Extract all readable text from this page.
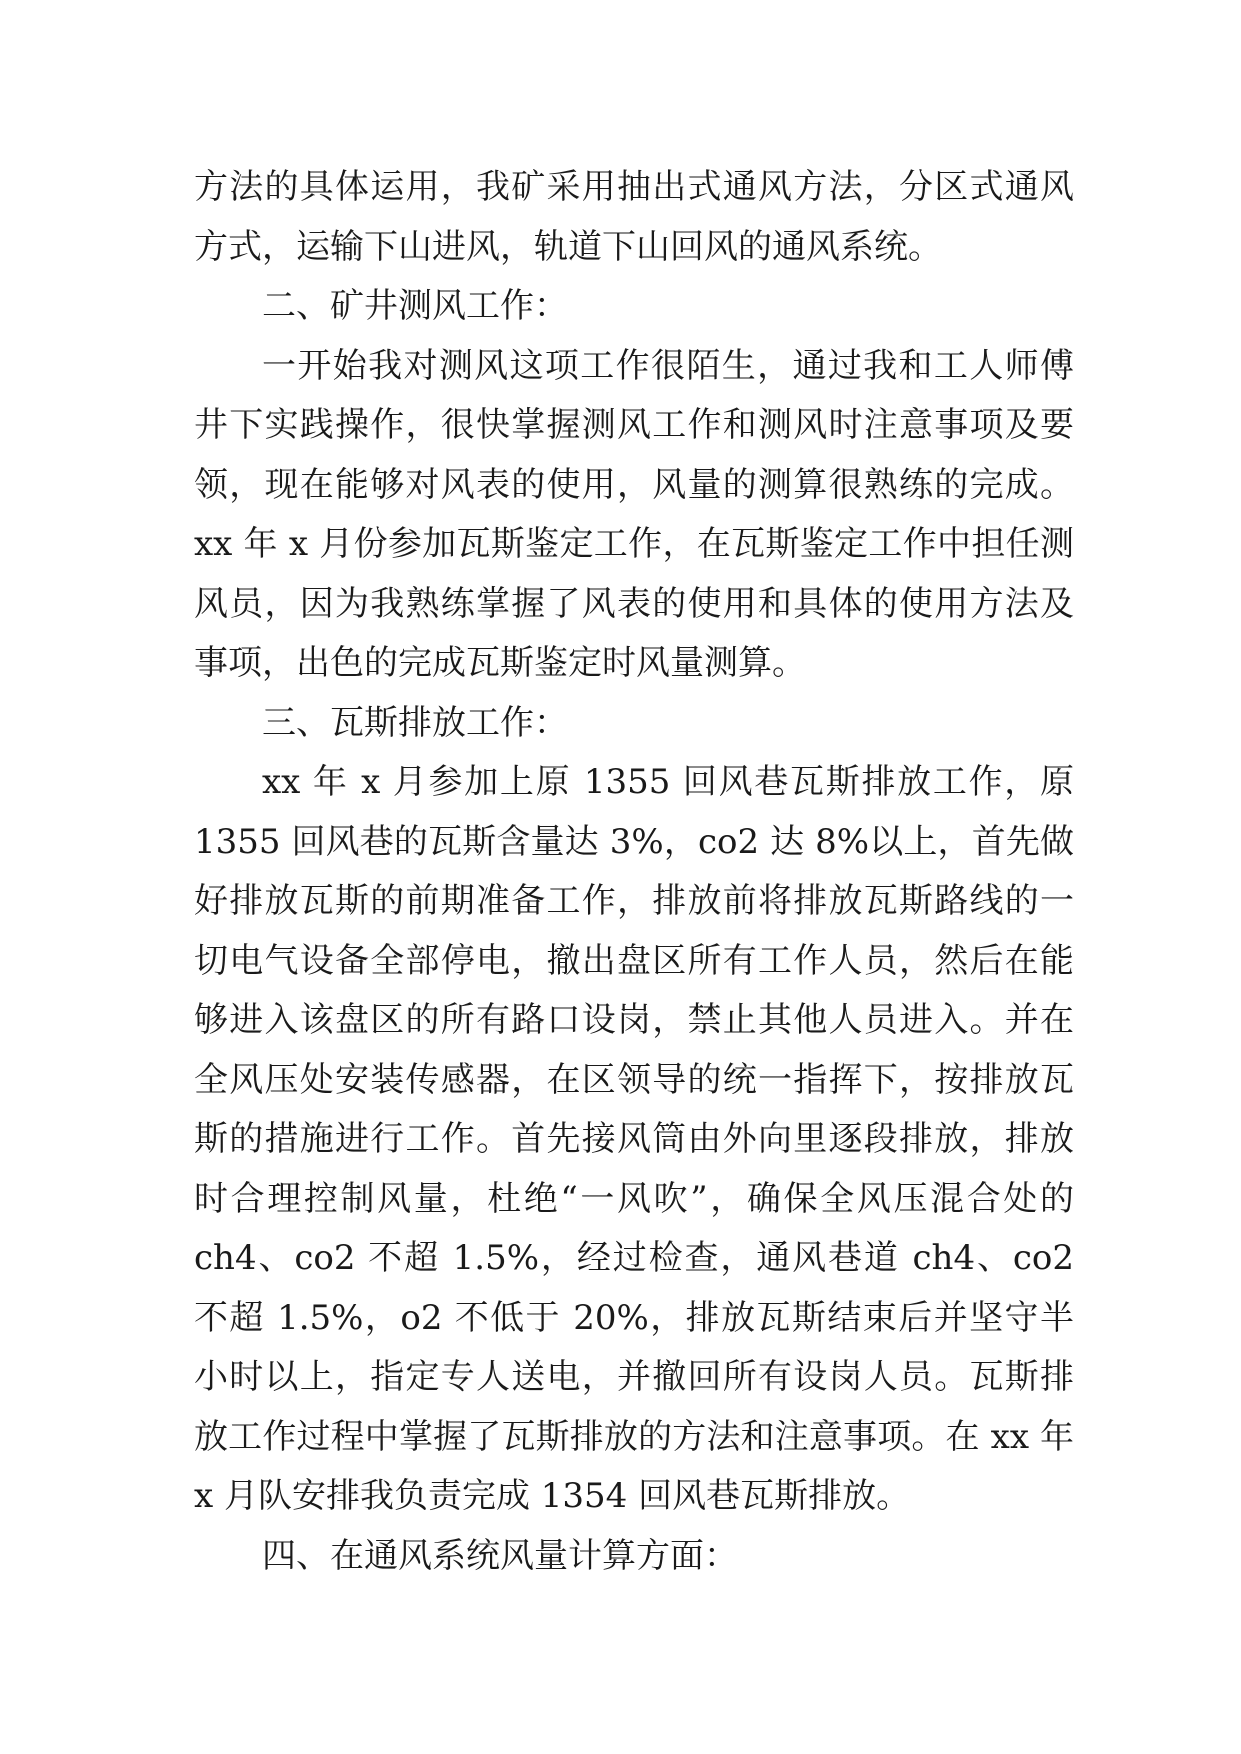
方法的具体运用，我矿采用抽出式通风方法，分区式通风方式，运输下山进风，轨道下山回风的通风系统。

二、矿井测风工作：

一开始我对测风这项工作很陌生，通过我和工人师傅井下实践操作，很快掌握测风工作和测风时注意事项及要领，现在能够对风表的使用，风量的测算很熟练的完成。xx 年 x 月份参加瓦斯鉴定工作，在瓦斯鉴定工作中担任测风员，因为我熟练掌握了风表的使用和具体的使用方法及事项，出色的完成瓦斯鉴定时风量测算。

三、瓦斯排放工作：

xx 年 x 月参加上原 1355 回风巷瓦斯排放工作，原 1355 回风巷的瓦斯含量达 3%，co2 达 8%以上，首先做好排放瓦斯的前期准备工作，排放前将排放瓦斯路线的一切电气设备全部停电，撤出盘区所有工作人员，然后在能够进入该盘区的所有路口设岗，禁止其他人员进入。并在全风压处安装传感器，在区领导的统一指挥下，按排放瓦斯的措施进行工作。首先接风筒由外向里逐段排放，排放时合理控制风量，杜绝“一风吹”，确保全风压混合处的 ch4、co2 不超 1.5%，经过检查，通风巷道 ch4、co2 不超 1.5%，o2 不低于 20%，排放瓦斯结束后并坚守半小时以上，指定专人送电，并撤回所有设岗人员。瓦斯排放工作过程中掌握了瓦斯排放的方法和注意事项。在 xx 年 x 月队安排我负责完成 1354 回风巷瓦斯排放。

四、在通风系统风量计算方面：
